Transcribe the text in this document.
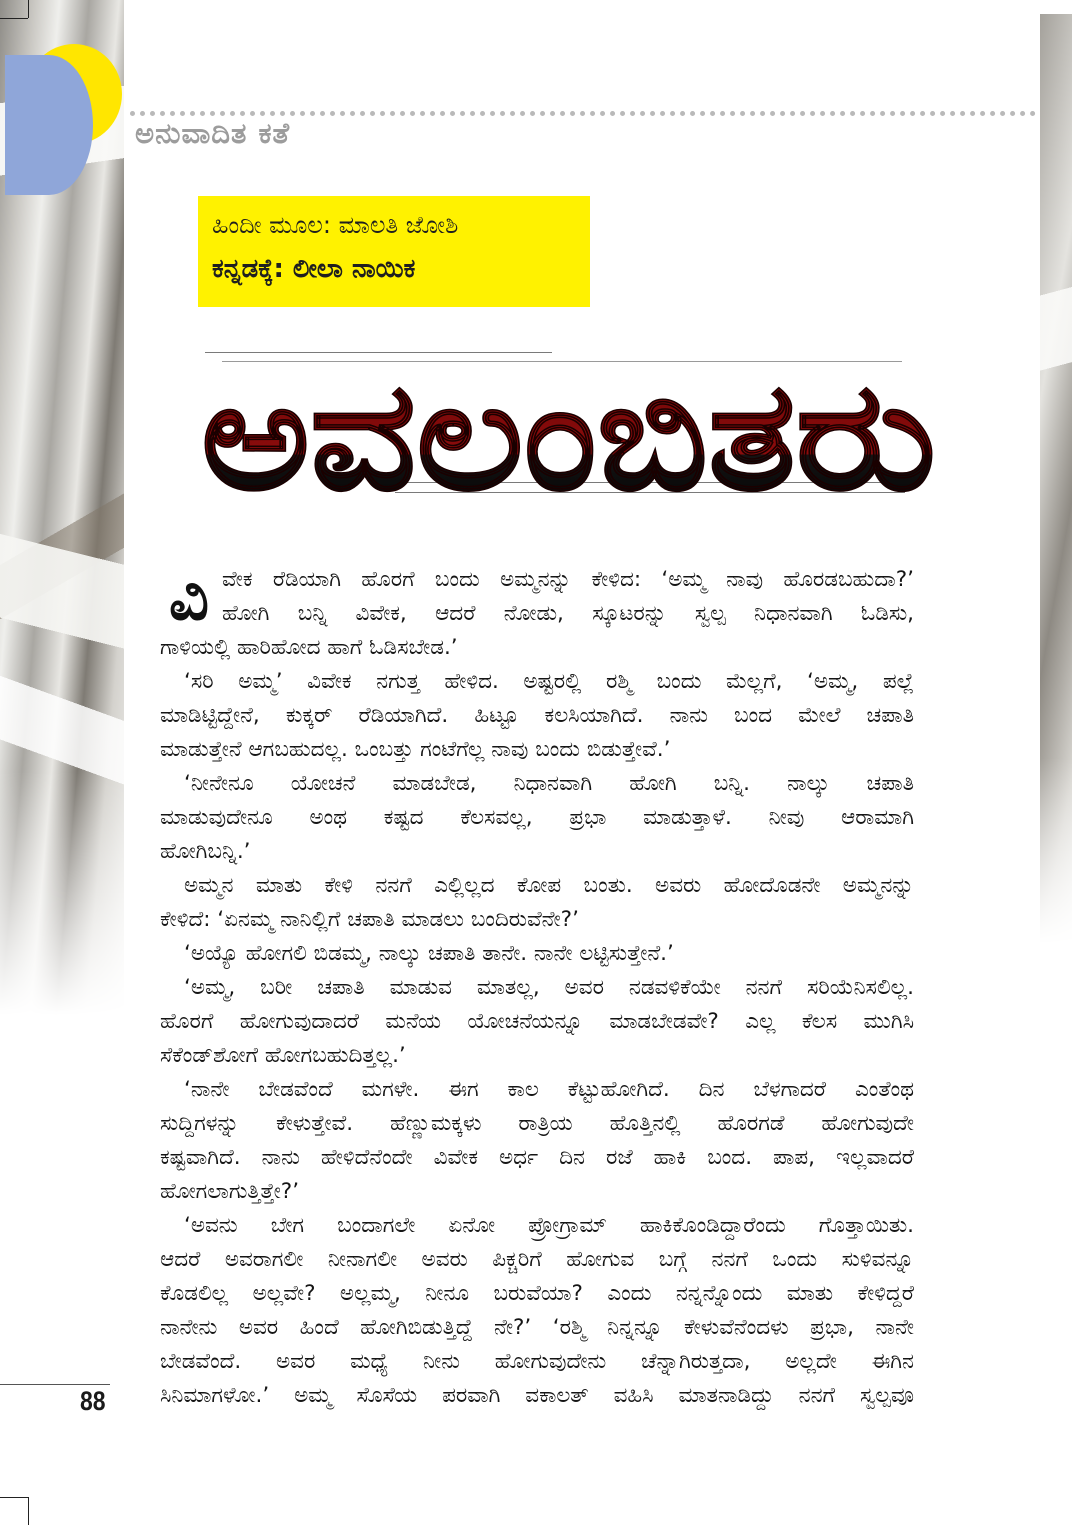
ಅನುವಾದಿತ ಕತೆ
ಹಿಂದೀ ಮೂಲ: ಮಾಲತಿ ಜೋಶಿ
ಕನ್ನಡಕ್ಕೆ: ಲೀಲಾ ನಾಯಿಕ
ಅವಲಂಬಿತರು
ವಿ ವೇಕ ರೆಡಿಯಾಗಿ ಹೊರಗೆ ಬಂದು ಅಮ್ಮನನ್ನು ಕೇಳಿದ: ‘ಅಮ್ಮ ನಾವು ಹೊರಡಬಹುದಾ?’
ಹೋಗಿ ಬನ್ನಿ ವಿವೇಕ, ಆದರೆ ನೋಡು, ಸ್ಕೂಟರನ್ನು ಸ್ವಲ್ಪ ನಿಧಾನವಾಗಿ ಓಡಿಸು,
ಗಾಳಿಯಲ್ಲಿ ಹಾರಿಹೋದ ಹಾಗೆ ಓಡಿಸಬೇಡ.’
‘ಸರಿ ಅಮ್ಮ’ ವಿವೇಕ ನಗುತ್ತ ಹೇಳಿದ. ಅಷ್ಟರಲ್ಲಿ ರಶ್ಮಿ ಬಂದು ಮೆಲ್ಲಗೆ, ‘ಅಮ್ಮ, ಪಲ್ಲೆ
ಮಾಡಿಟ್ಟಿದ್ದೇನೆ, ಕುಕ್ಕರ್ ರೆಡಿಯಾಗಿದೆ. ಹಿಟ್ಟೂ ಕಲಸಿಯಾಗಿದೆ. ನಾನು ಬಂದ ಮೇಲೆ ಚಪಾತಿ
ಮಾಡುತ್ತೇನೆ ಆಗಬಹುದಲ್ಲ. ಒಂಬತ್ತು ಗಂಟೆಗೆಲ್ಲ ನಾವು ಬಂದು ಬಿಡುತ್ತೇವೆ.’
‘ನೀನೇನೂ ಯೋಚನೆ ಮಾಡಬೇಡ, ನಿಧಾನವಾಗಿ ಹೋಗಿ ಬನ್ನಿ. ನಾಲ್ಕು ಚಪಾತಿ
ಮಾಡುವುದೇನೂ ಅಂಥ ಕಷ್ಟದ ಕೆಲಸವಲ್ಲ, ಪ್ರಭಾ ಮಾಡುತ್ತಾಳೆ. ನೀವು ಆರಾಮಾಗಿ
ಹೋಗಿಬನ್ನಿ.’
ಅಮ್ಮನ ಮಾತು ಕೇಳಿ ನನಗೆ ಎಲ್ಲಿಲ್ಲದ ಕೋಪ ಬಂತು. ಅವರು ಹೋದೊಡನೇ ಅಮ್ಮನನ್ನು
ಕೇಳಿದೆ: ‘ಏನಮ್ಮ ನಾನಿಲ್ಲಿಗೆ ಚಪಾತಿ ಮಾಡಲು ಬಂದಿರುವೆನೇ?’
‘ಅಯ್ಯೊ ಹೋಗಲಿ ಬಿಡಮ್ಮ, ನಾಲ್ಕು ಚಪಾತಿ ತಾನೇ. ನಾನೇ ಲಟ್ಟಿಸುತ್ತೇನೆ.’
‘ಅಮ್ಮ, ಬರೀ ಚಪಾತಿ ಮಾಡುವ ಮಾತಲ್ಲ, ಅವರ ನಡವಳಿಕೆಯೇ ನನಗೆ ಸರಿಯೆನಿಸಲಿಲ್ಲ.
ಹೊರಗೆ ಹೋಗುವುದಾದರೆ ಮನೆಯ ಯೋಚನೆಯನ್ನೂ ಮಾಡಬೇಡವೇ? ಎಲ್ಲ ಕೆಲಸ ಮುಗಿಸಿ
ಸೆಕೆಂಡ್‌ಶೋಗೆ ಹೋಗಬಹುದಿತ್ತಲ್ಲ.’
‘ನಾನೇ ಬೇಡವೆಂದೆ ಮಗಳೇ. ಈಗ ಕಾಲ ಕೆಟ್ಟುಹೋಗಿದೆ. ದಿನ ಬೆಳಗಾದರೆ ಎಂತೆಂಥ
ಸುದ್ದಿಗಳನ್ನು ಕೇಳುತ್ತೇವೆ. ಹೆಣ್ಣುಮಕ್ಕಳು ರಾತ್ರಿಯ ಹೊತ್ತಿನಲ್ಲಿ ಹೊರಗಡೆ ಹೋಗುವುದೇ
ಕಷ್ಟವಾಗಿದೆ. ನಾನು ಹೇಳಿದೆನೆಂದೇ ವಿವೇಕ ಅರ್ಧ ದಿನ ರಜೆ ಹಾಕಿ ಬಂದ. ಪಾಪ, ಇಲ್ಲವಾದರೆ
ಹೋಗಲಾಗುತ್ತಿತ್ತೇ?’
‘ಅವನು ಬೇಗ ಬಂದಾಗಲೇ ಏನೋ ಪ್ರೋಗ್ರಾಮ್ ಹಾಕಿಕೊಂಡಿದ್ದಾರೆಂದು ಗೊತ್ತಾಯಿತು.
ಆದರೆ ಅವರಾಗಲೀ ನೀನಾಗಲೀ ಅವರು ಪಿಕ್ಚರಿಗೆ ಹೋಗುವ ಬಗ್ಗೆ ನನಗೆ ಒಂದು ಸುಳಿವನ್ನೂ
ಕೊಡಲಿಲ್ಲ ಅಲ್ಲವೇ? ಅಲ್ಲಮ್ಮ, ನೀನೂ ಬರುವೆಯಾ? ಎಂದು ನನ್ನನ್ನೊಂದು ಮಾತು ಕೇಳಿದ್ದರೆ
ನಾನೇನು ಅವರ ಹಿಂದೆ ಹೋಗಿಬಿಡುತ್ತಿದ್ದೆ ನೇ?’ ‘ರಶ್ಮಿ ನಿನ್ನನ್ನೂ ಕೇಳುವೆನೆಂದಳು ಪ್ರಭಾ, ನಾನೇ
ಬೇಡವೆಂದೆ. ಅವರ ಮಧ್ಯೆ ನೀನು ಹೋಗುವುದೇನು ಚೆನ್ನಾಗಿರುತ್ತದಾ, ಅಲ್ಲದೇ ಈಗಿನ
ಸಿನಿಮಾಗಳೋ.’ ಅಮ್ಮ ಸೊಸೆಯ ಪರವಾಗಿ ವಕಾಲತ್ ವಹಿಸಿ ಮಾತನಾಡಿದ್ದು ನನಗೆ ಸ್ವಲ್ಪವೂ
88
